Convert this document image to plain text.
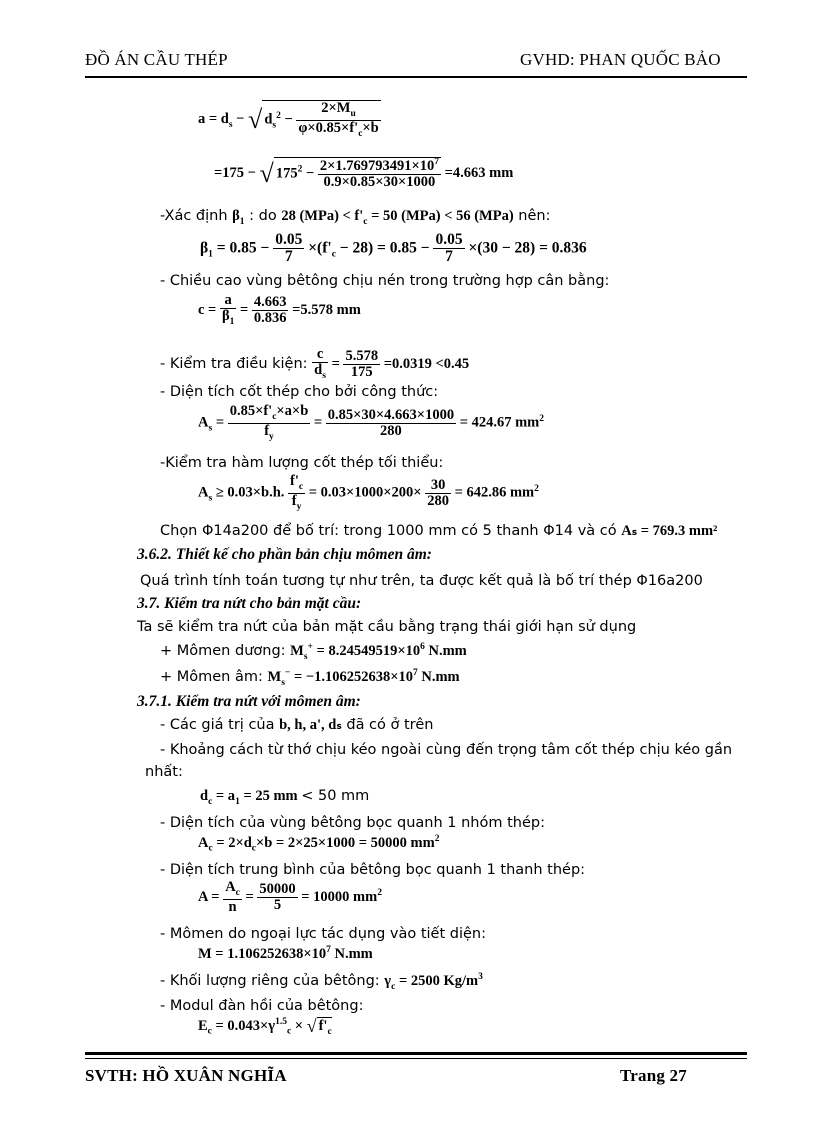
ĐỒ ÁN CẦU THÉP	GVHD: PHAN QUỐC BẢO
$a = d_s$ − √ $d_s^2 - \frac{2\times M_u}{\varphi\times 0.85\times f'_c\times b}$
=175 − √ $175^2 - \frac{2\times 1.769793491\times 10^7}{0.9\times 0.85\times 30\times 1000} =4.663$ mm
-Xác định $\beta_1$ : do 28 $(MPa) < f'_c = 50$ (MPa) < 56 (MPa) nên:
$\beta_1 = 0.85 - \frac{0.05}{7} \times(f'_c - 28) = 0.85 - \frac{0.05}{7} \times(30 - 28) = 0.836$
- Chiều cao vùng bêtông chịu nén trong trường hợp cân bằng:
$c = \frac{a}{\beta_1} = \frac{4.663}{0.836} =5.578$ mm
- Kiểm tra điều kiện: $\frac{c}{d_s} = \frac{5.578}{175} =0.0319 <0.45$
- Diện tích cốt thép cho bởi công thức:
$A_s = \frac{0.85\times f'_c\times a\times b}{f_y} = \frac{0.85\times 30\times 4.663\times 1000}{280} = 424.67$ $mm^2$
-Kiểm tra hàm lượng cốt thép tối thiểu:
$A_s \ge 0.03\times b.h$. $\frac{f'_c}{f_y} = 0.03\times 1000\times 200\times \frac{30}{280} = 642.86$ $mm^2$
Chọn Φ14a200 để bố trí: trong 1000 mm có 5 thanh Φ14 và có Aₛ = 769.3 mm²
3.6.2. Thiết kế cho phần bản chịu mômen âm:
Quá trình tính toán tương tự như trên, ta được kết quả là bố trí thép Φ16a200
3.7. Kiểm tra nứt cho bản mặt cầu:
Ta sẽ kiểm tra nứt của bản mặt cầu bằng trạng thái giới hạn sử dụng
+ Mômen dương: $M_s^+ = 8.24549519\times 10^6$ N.mm
+ Mômen âm: $M_s^- = -1.106252638\times 10^7$ N.mm
3.7.1. Kiểm tra nứt với mômen âm:
- Các giá trị của b, h, a', dₛ đã có ở trên
- Khoảng cách từ thớ chịu kéo ngoài cùng đến trọng tâm cốt thép chịu kéo gần
nhất:
$d_c = a_1 = 25$ mm < 50 mm
- Diện tích của vùng bêtông bọc quanh 1 nhóm thép:
$A_c = 2\times d_c\times b = 2\times 25\times 1000 = 50000$ $mm^2$
- Diện tích trung bình của bêtông bọc quanh 1 thanh thép:
$A = \frac{A_c}{n} = \frac{50000}{5} = 10000$ $mm^2$
- Mômen do ngoại lực tác dụng vào tiết diện:
$M = 1.106252638\times 10^7$ N.mm
- Khối lượng riêng của bêtông: $\gamma_c = 2500$ $Kg/m^3$
- Modul đàn hồi của bêtông:
$E_c = 0.043\times\gamma^{1.5}_c$ × √ $f'_c$
SVTH: HỒ XUÂN NGHĨA	Trang 27
